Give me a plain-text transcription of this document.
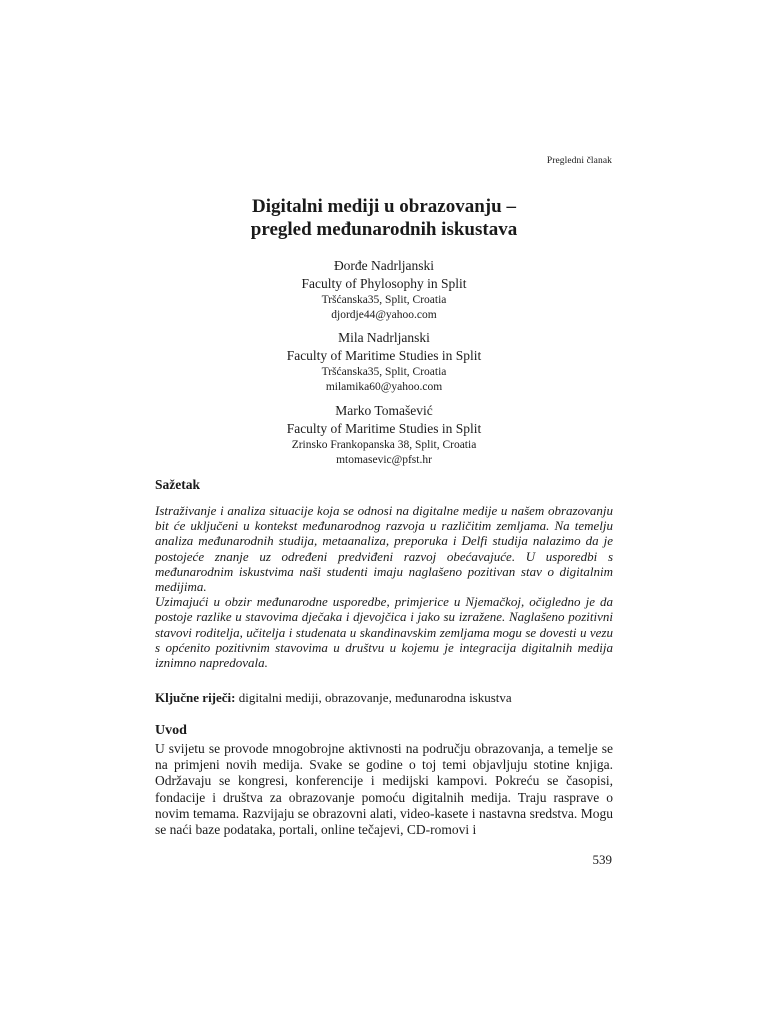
Pregledni članak
Digitalni mediji u obrazovanju –
pregled međunarodnih iskustava
Đorđe Nadrljanski
Faculty of Phylosophy in Split
Tršćanska35, Split, Croatia
djordje44@yahoo.com
Mila Nadrljanski
Faculty of Maritime Studies in Split
Tršćanska35, Split, Croatia
milamika60@yahoo.com
Marko Tomašević
Faculty of Maritime Studies in Split
Zrinsko Frankopanska 38, Split, Croatia
mtomasevic@pfst.hr
Sažetak

Istraživanje i analiza situacije koja se odnosi na digitalne medije u našem obrazovanju bit će uključeni u kontekst međunarodnog razvoja u različitim zemljama. Na temelju analiza međunarodnih studija, metaanaliza, preporuka i Delfi studija nalazimo da je postojeće znanje uz određeni predviđeni razvoj obećavajuće. U usporedbi s međunarodnim iskustvima naši studenti imaju naglašeno pozitivan stav o digitalnim medijima.

Uzimajući u obzir međunarodne usporedbe, primjerice u Njemačkoj, očigledno je da postoje razlike u stavovima dječaka i djevojčica i jako su izražene. Naglašeno pozitivni stavovi roditelja, učitelja i studenata u skandinavskim zemljama mogu se dovesti u vezu s općenito pozitivnim stavovima u društvu u kojemu je integracija digitalnih medija iznimno napredovala.

Ključne riječi: digitalni mediji, obrazovanje, međunarodna iskustva
Uvod

U svijetu se provode mnogobrojne aktivnosti na području obrazovanja, a temelje se na primjeni novih medija. Svake se godine o toj temi objavljuju stotine knjiga. Održavaju se kongresi, konferencije i medijski kampovi. Pokreću se časopisi, fondacije i društva za obrazovanje pomoću digitalnih medija. Traju rasprave o novim temama. Razvijaju se obrazovni alati, video-kasete i nastavna sredstva. Mogu se naći baze podataka, portali, online tečajevi, CD-romovi i

539
